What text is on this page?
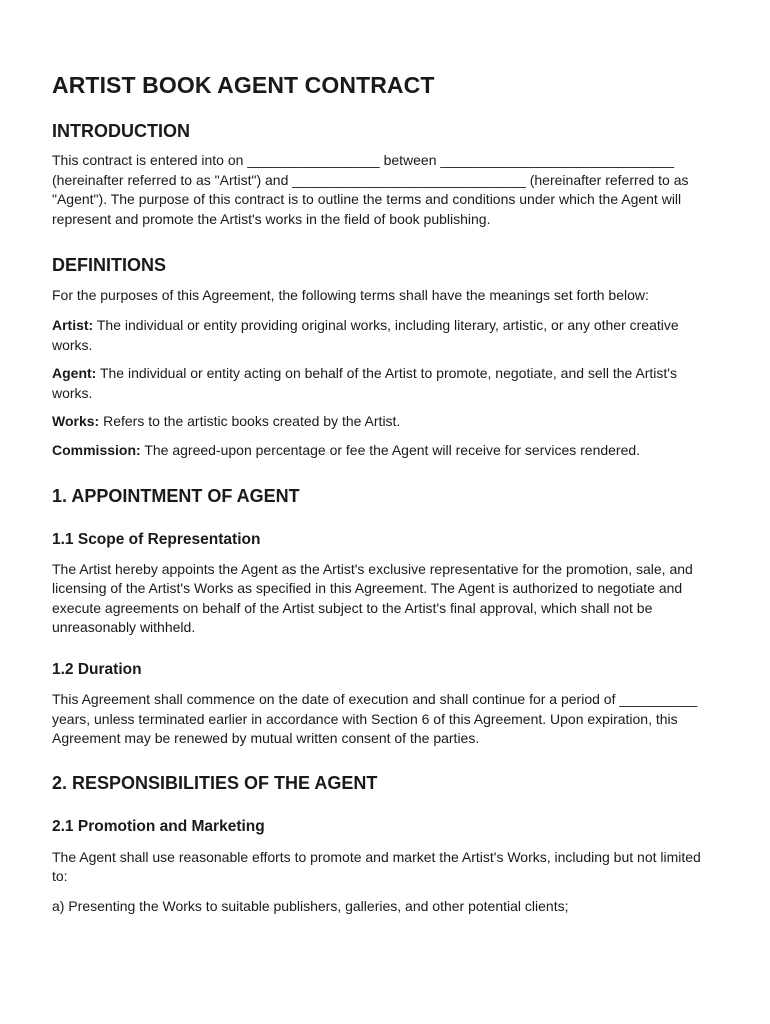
ARTIST BOOK AGENT CONTRACT
INTRODUCTION

This contract is entered into on _________________ between ______________________________ (hereinafter referred to as "Artist") and ______________________________ (hereinafter referred to as "Agent"). The purpose of this contract is to outline the terms and conditions under which the Agent will represent and promote the Artist's works in the field of book publishing.

DEFINITIONS

For the purposes of this Agreement, the following terms shall have the meanings set forth below:

Artist: The individual or entity providing original works, including literary, artistic, or any other creative works.

Agent: The individual or entity acting on behalf of the Artist to promote, negotiate, and sell the Artist's works.

Works: Refers to the artistic books created by the Artist.

Commission: The agreed-upon percentage or fee the Agent will receive for services rendered.

1. APPOINTMENT OF AGENT
1.1 Scope of Representation

The Artist hereby appoints the Agent as the Artist's exclusive representative for the promotion, sale, and licensing of the Artist's Works as specified in this Agreement. The Agent is authorized to negotiate and execute agreements on behalf of the Artist subject to the Artist's final approval, which shall not be unreasonably withheld.

1.2 Duration

This Agreement shall commence on the date of execution and shall continue for a period of __________ years, unless terminated earlier in accordance with Section 6 of this Agreement. Upon expiration, this Agreement may be renewed by mutual written consent of the parties.

2. RESPONSIBILITIES OF THE AGENT
2.1 Promotion and Marketing

The Agent shall use reasonable efforts to promote and market the Artist's Works, including but not limited to:

a) Presenting the Works to suitable publishers, galleries, and other potential clients;
